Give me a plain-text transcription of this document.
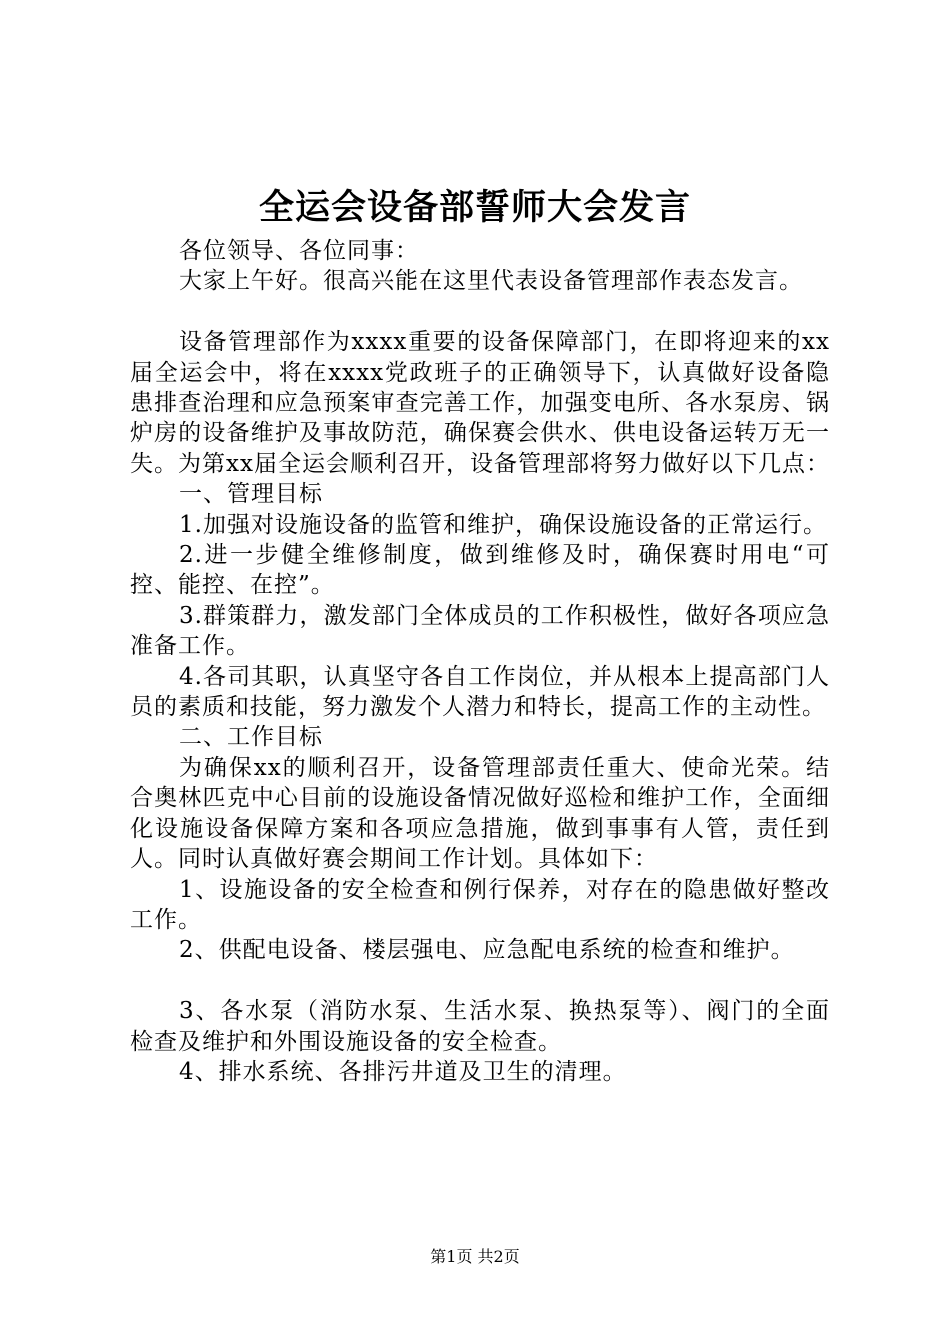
全运会设备部誓师大会发言

各位领导、各位同事：

大家上午好。很高兴能在这里代表设备管理部作表态发言。

设备管理部作为xxxx重要的设备保障部门，在即将迎来的xx届全运会中，将在xxxx党政班子的正确领导下，认真做好设备隐患排查治理和应急预案审查完善工作，加强变电所、各水泵房、锅炉房的设备维护及事故防范，确保赛会供水、供电设备运转万无一失。为第xx届全运会顺利召开，设备管理部将努力做好以下几点：

一、管理目标

1.加强对设施设备的监管和维护，确保设施设备的正常运行。

2.进一步健全维修制度，做到维修及时，确保赛时用电“可控、能控、在控”。

3.群策群力，激发部门全体成员的工作积极性，做好各项应急准备工作。

4.各司其职，认真坚守各自工作岗位，并从根本上提高部门人员的素质和技能，努力激发个人潜力和特长，提高工作的主动性。

二、工作目标

为确保xx的顺利召开，设备管理部责任重大、使命光荣。结合奥林匹克中心目前的设施设备情况做好巡检和维护工作，全面细化设施设备保障方案和各项应急措施，做到事事有人管，责任到人。同时认真做好赛会期间工作计划。具体如下：

1、设施设备的安全检查和例行保养，对存在的隐患做好整改工作。

2、供配电设备、楼层强电、应急配电系统的检查和维护。

3、各水泵（消防水泵、生活水泵、换热泵等）、阀门的全面检查及维护和外围设施设备的安全检查。

4、排水系统、各排污井道及卫生的清理。

第1页 共2页
